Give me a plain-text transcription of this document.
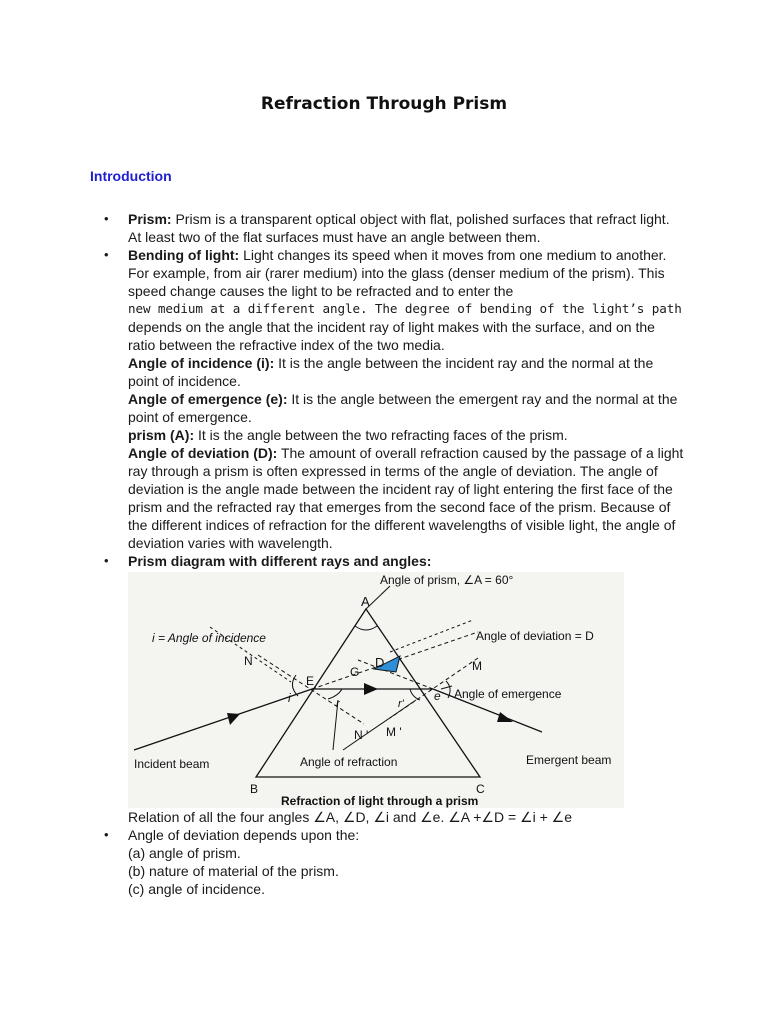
Refraction Through Prism
Introduction
• Prism: Prism is a transparent optical object with flat, polished surfaces that refract light. At least two of the flat surfaces must have an angle between them.
• Bending of light: Light changes its speed when it moves from one medium to another. For example, from air (rarer medium) into the glass (denser medium of the prism). This speed change causes the light to be refracted and to enter the
new medium at a different angle. The degree of bending of the light’s path
depends on the angle that the incident ray of light makes with the surface, and on the ratio between the refractive index of the two media.
Angle of incidence (i): It is the angle between the incident ray and the normal at the point of incidence.
Angle of emergence (e): It is the angle between the emergent ray and the normal at the point of emergence.
prism (A): It is the angle between the two refracting faces of the prism.
Angle of deviation (D): The amount of overall refraction caused by the passage of a light ray through a prism is often expressed in terms of the angle of deviation. The angle of deviation is the angle made between the incident ray of light entering the first face of the prism and the refracted ray that emerges from the second face of the prism. Because of the different indices of refraction for the different wavelengths of visible light, the angle of deviation varies with wavelength.
• Prism diagram with different rays and angles:
Angle of prism, ∠A = 60°
A
i = Angle of incidence	Angle of deviation = D
N	D	M
G
E
i	r	r'
e Angle of emergence
N ' M '
Incident beam	Angle of refraction	Emergent beam
B	C
Refraction of light through a prism
Relation of all the four angles ∠A, ∠D, ∠i and ∠e. ∠A +∠D = ∠i + ∠e
• Angle of deviation depends upon the:
(a) angle of prism.
(b) nature of material of the prism.
(c) angle of incidence.
